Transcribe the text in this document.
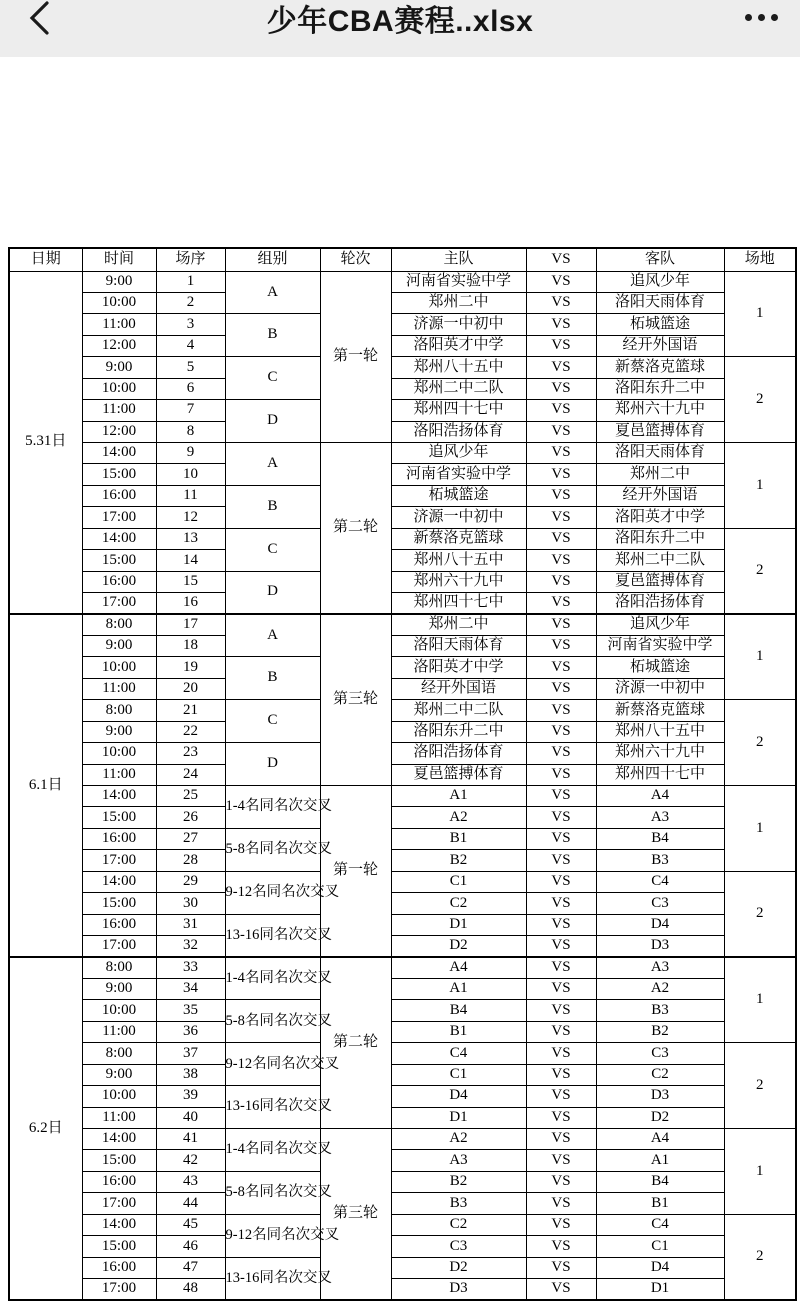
少年CBA赛程..xlsx
日期	时间	场序	组别	轮次	主队	VS	客队	场地
5.31日	9:00	1	A	第一轮	河南省实验中学	VS	追风少年	1
	10:00	2			郑州二中	VS	洛阳天雨体育	
	11:00	3	B		济源一中初中	VS	柘城篮途	
	12:00	4			洛阳英才中学	VS	经开外国语	
	9:00	5	C		郑州八十五中	VS	新蔡洛克篮球	2
	10:00	6			郑州二中二队	VS	洛阳东升二中	
	11:00	7	D		郑州四十七中	VS	郑州六十九中	
	12:00	8			洛阳浩扬体育	VS	夏邑篮搏体育	
	14:00	9	A	第二轮	追风少年	VS	洛阳天雨体育	1
	15:00	10			河南省实验中学	VS	郑州二中	
	16:00	11	B		柘城篮途	VS	经开外国语	
	17:00	12			济源一中初中	VS	洛阳英才中学	
	14:00	13	C		新蔡洛克篮球	VS	洛阳东升二中	2
	15:00	14			郑州八十五中	VS	郑州二中二队	
	16:00	15	D		郑州六十九中	VS	夏邑篮搏体育	
	17:00	16			郑州四十七中	VS	洛阳浩扬体育	
6.1日	8:00	17	A	第三轮	郑州二中	VS	追风少年	1
	9:00	18			洛阳天雨体育	VS	河南省实验中学	
	10:00	19	B		洛阳英才中学	VS	柘城篮途	
	11:00	20			经开外国语	VS	济源一中初中	
	8:00	21	C		郑州二中二队	VS	新蔡洛克篮球	2
	9:00	22			洛阳东升二中	VS	郑州八十五中	
	10:00	23	D		洛阳浩扬体育	VS	郑州六十九中	
	11:00	24			夏邑篮搏体育	VS	郑州四十七中	
	14:00	25	1-4名同名次交叉	第一轮	A1	VS	A4	1
	15:00	26			A2	VS	A3	
	16:00	27	5-8名同名次交叉		B1	VS	B4	
	17:00	28			B2	VS	B3	
	14:00	29	9-12名同名次交叉		C1	VS	C4	2
	15:00	30			C2	VS	C3	
	16:00	31	13-16同名次交叉		D1	VS	D4	
	17:00	32			D2	VS	D3	
6.2日	8:00	33	1-4名同名次交叉	第二轮	A4	VS	A3	1
	9:00	34			A1	VS	A2	
	10:00	35	5-8名同名次交叉		B4	VS	B3	
	11:00	36			B1	VS	B2	
	8:00	37	9-12名同名次交叉		C4	VS	C3	2
	9:00	38			C1	VS	C2	
	10:00	39	13-16同名次交叉		D4	VS	D3	
	11:00	40			D1	VS	D2	
	14:00	41	1-4名同名次交叉	第三轮	A2	VS	A4	1
	15:00	42			A3	VS	A1	
	16:00	43	5-8名同名次交叉		B2	VS	B4	
	17:00	44			B3	VS	B1	
	14:00	45	9-12名同名次交叉		C2	VS	C4	2
	15:00	46			C3	VS	C1	
	16:00	47	13-16同名次交叉		D2	VS	D4	
	17:00	48			D3	VS	D1	
